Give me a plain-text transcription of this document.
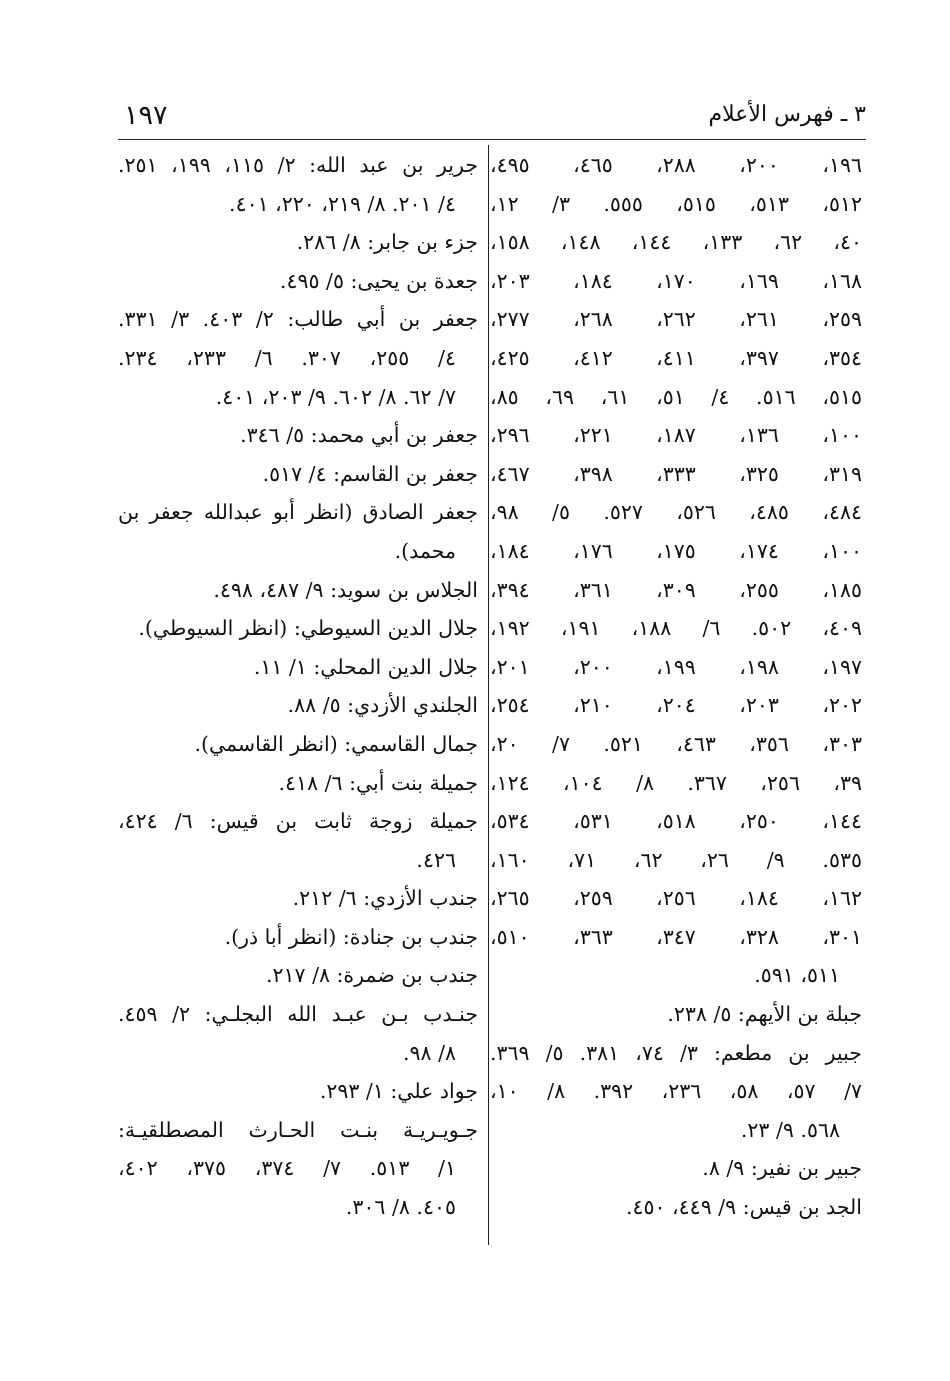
١٩٧	٣ ـ فهرس الأعلام
١٩٦، ٢٠٠، ٢٨٨، ٤٦٥، ٤٩٥،
٥١٢، ٥١٣، ٥١٥، ٥٥٥. ٣/ ١٢،
٤٠، ٦٢، ١٣٣، ١٤٤، ١٤٨، ١٥٨،
١٦٨، ١٦٩، ١٧٠، ١٨٤، ٢٠٣،
٢٥٩، ٢٦١، ٢٦٢، ٢٦٨، ٢٧٧،
٣٥٤، ٣٩٧، ٤١١، ٤١٢، ٤٢٥،
٥١٥، ٥١٦. ٤/ ٥١، ٦١، ٦٩، ٨٥،
١٠٠، ١٣٦، ١٨٧، ٢٢١، ٢٩٦،
٣١٩، ٣٢٥، ٣٣٣، ٣٩٨، ٤٦٧،
٤٨٤، ٤٨٥، ٥٢٦، ٥٢٧. ٥/ ٩٨،
١٠٠، ١٧٤، ١٧٥، ١٧٦، ١٨٤،
١٨٥، ٢٥٥، ٣٠٩، ٣٦١، ٣٩٤،
٤٠٩، ٥٠٢. ٦/ ١٨٨، ١٩١، ١٩٢،
١٩٧، ١٩٨، ١٩٩، ٢٠٠، ٢٠١،
٢٠٢، ٢٠٣، ٢٠٤، ٢١٠، ٢٥٤،
٣٠٣، ٣٥٦، ٤٦٣، ٥٢١. ٧/ ٢٠،
٣٩، ٢٥٦، ٣٦٧. ٨/ ١٠٤، ١٢٤،
١٤٤، ٢٥٠، ٥١٨، ٥٣١، ٥٣٤،
٥٣٥. ٩/ ٢٦، ٦٢، ٧١، ١٦٠،
١٦٢، ١٨٤، ٢٥٦، ٢٥٩، ٢٦٥،
٣٠١، ٣٢٨، ٣٤٧، ٣٦٣، ٥١٠،
٥١١، ٥٩١.
جبلة بن الأيهم: ٥/ ٢٣٨.
جبير بن مطعم: ٣/ ٧٤، ٣٨١. ٥/ ٣٦٩.
٧/ ٥٧، ٥٨، ٢٣٦، ٣٩٢. ٨/ ١٠،
٥٦٨. ٩/ ٢٣.
جبير بن نفير: ٩/ ٨.
الجد بن قيس: ٩/ ٤٤٩، ٤٥٠.
جرير بن عبد الله: ٢/ ١١٥، ١٩٩، ٢٥١.
٤/ ٢٠١. ٨/ ٢١٩، ٢٢٠، ٤٠١.
جزء بن جابر: ٨/ ٢٨٦.
جعدة بن يحيى: ٥/ ٤٩٥.
جعفر بن أبي طالب: ٢/ ٤٠٣. ٣/ ٣٣١.
٤/ ٢٥٥، ٣٠٧. ٦/ ٢٣٣، ٢٣٤.
٧/ ٦٢. ٨/ ٦٠٢. ٩/ ٢٠٣، ٤٠١.
جعفر بن أبي محمد: ٥/ ٣٤٦.
جعفر بن القاسم: ٤/ ٥١٧.
جعفر الصادق (انظر أبو عبدالله جعفر بن
محمد).
الجلاس بن سويد: ٩/ ٤٨٧، ٤٩٨.
جلال الدين السيوطي: (انظر السيوطي).
جلال الدين المحلي: ١/ ١١.
الجلندي الأزدي: ٥/ ٨٨.
جمال القاسمي: (انظر القاسمي).
جميلة بنت أبي: ٦/ ٤١٨.
جميلة زوجة ثابت بن قيس: ٦/ ٤٢٤،
٤٢٦.
جندب الأزدي: ٦/ ٢١٢.
جندب بن جنادة: (انظر أبا ذر).
جندب بن ضمرة: ٨/ ٢١٧.
جنـدب بـن عبـد الله البجلـي: ٢/ ٤٥٩.
٨/ ٩٨.
جواد علي: ١/ ٢٩٣.
جـويـريـة بنـت الحـارث المصطلقيـة:
١/ ٥١٣. ٧/ ٣٧٤، ٣٧٥، ٤٠٢،
٤٠٥. ٨/ ٣٠٦.
